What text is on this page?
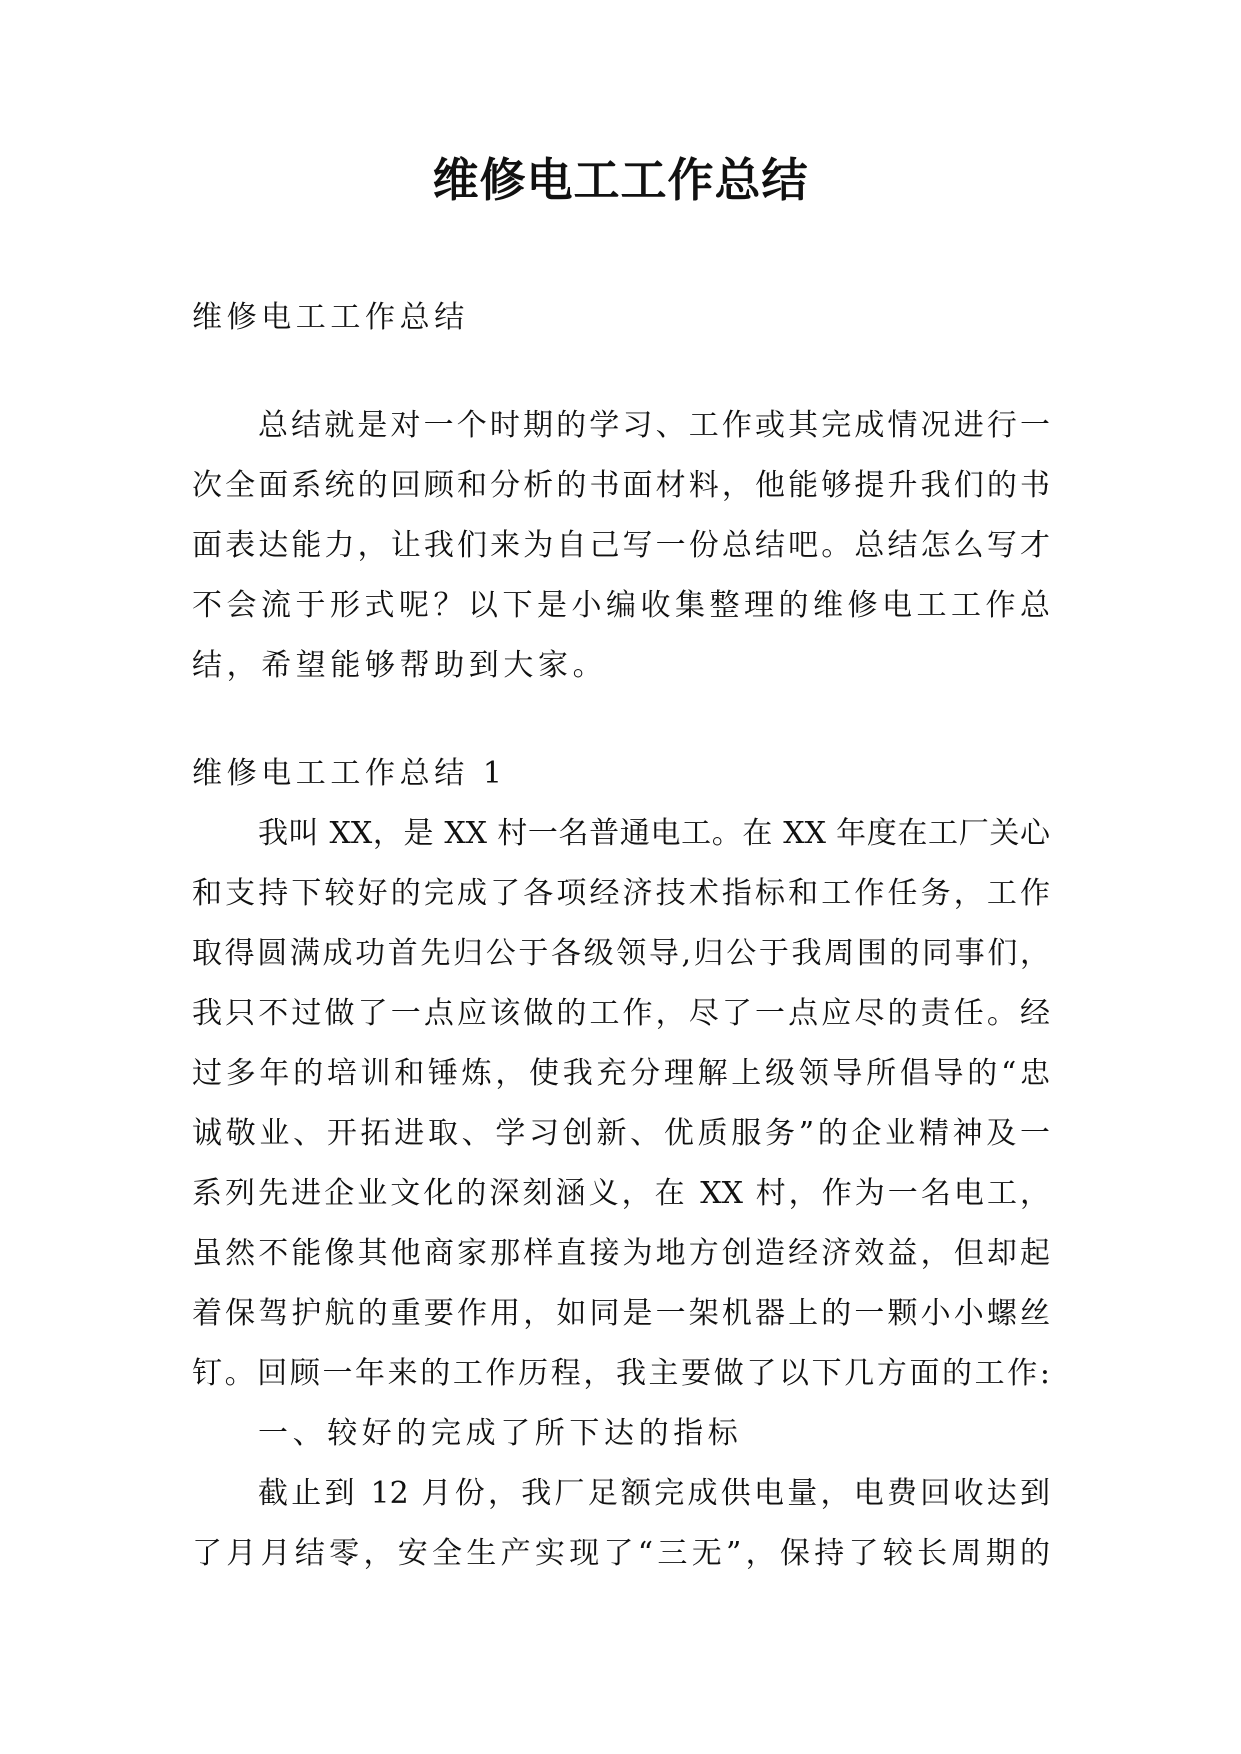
维修电工工作总结
维修电工工作总结
总结就是对一个时期的学习、工作或其完成情况进行一
次全面系统的回顾和分析的书面材料，他能够提升我们的书
面表达能力，让我们来为自己写一份总结吧。总结怎么写才
不会流于形式呢？以下是小编收集整理的维修电工工作总
结，希望能够帮助到大家。
维修电工工作总结 1
我叫 XX，是 XX 村一名普通电工。在 XX 年度在工厂关心
和支持下较好的完成了各项经济技术指标和工作任务，工作
取得圆满成功首先归公于各级领导,归公于我周围的同事们，
我只不过做了一点应该做的工作，尽了一点应尽的责任。经
过多年的培训和锤炼，使我充分理解上级领导所倡导的“忠
诚敬业、开拓进取、学习创新、优质服务”的企业精神及一
系列先进企业文化的深刻涵义，在 XX 村，作为一名电工，
虽然不能像其他商家那样直接为地方创造经济效益，但却起
着保驾护航的重要作用，如同是一架机器上的一颗小小螺丝
钉。回顾一年来的工作历程，我主要做了以下几方面的工作:
一、较好的完成了所下达的指标
截止到 12 月份，我厂足额完成供电量，电费回收达到
了月月结零，安全生产实现了“三无”，保持了较长周期的
